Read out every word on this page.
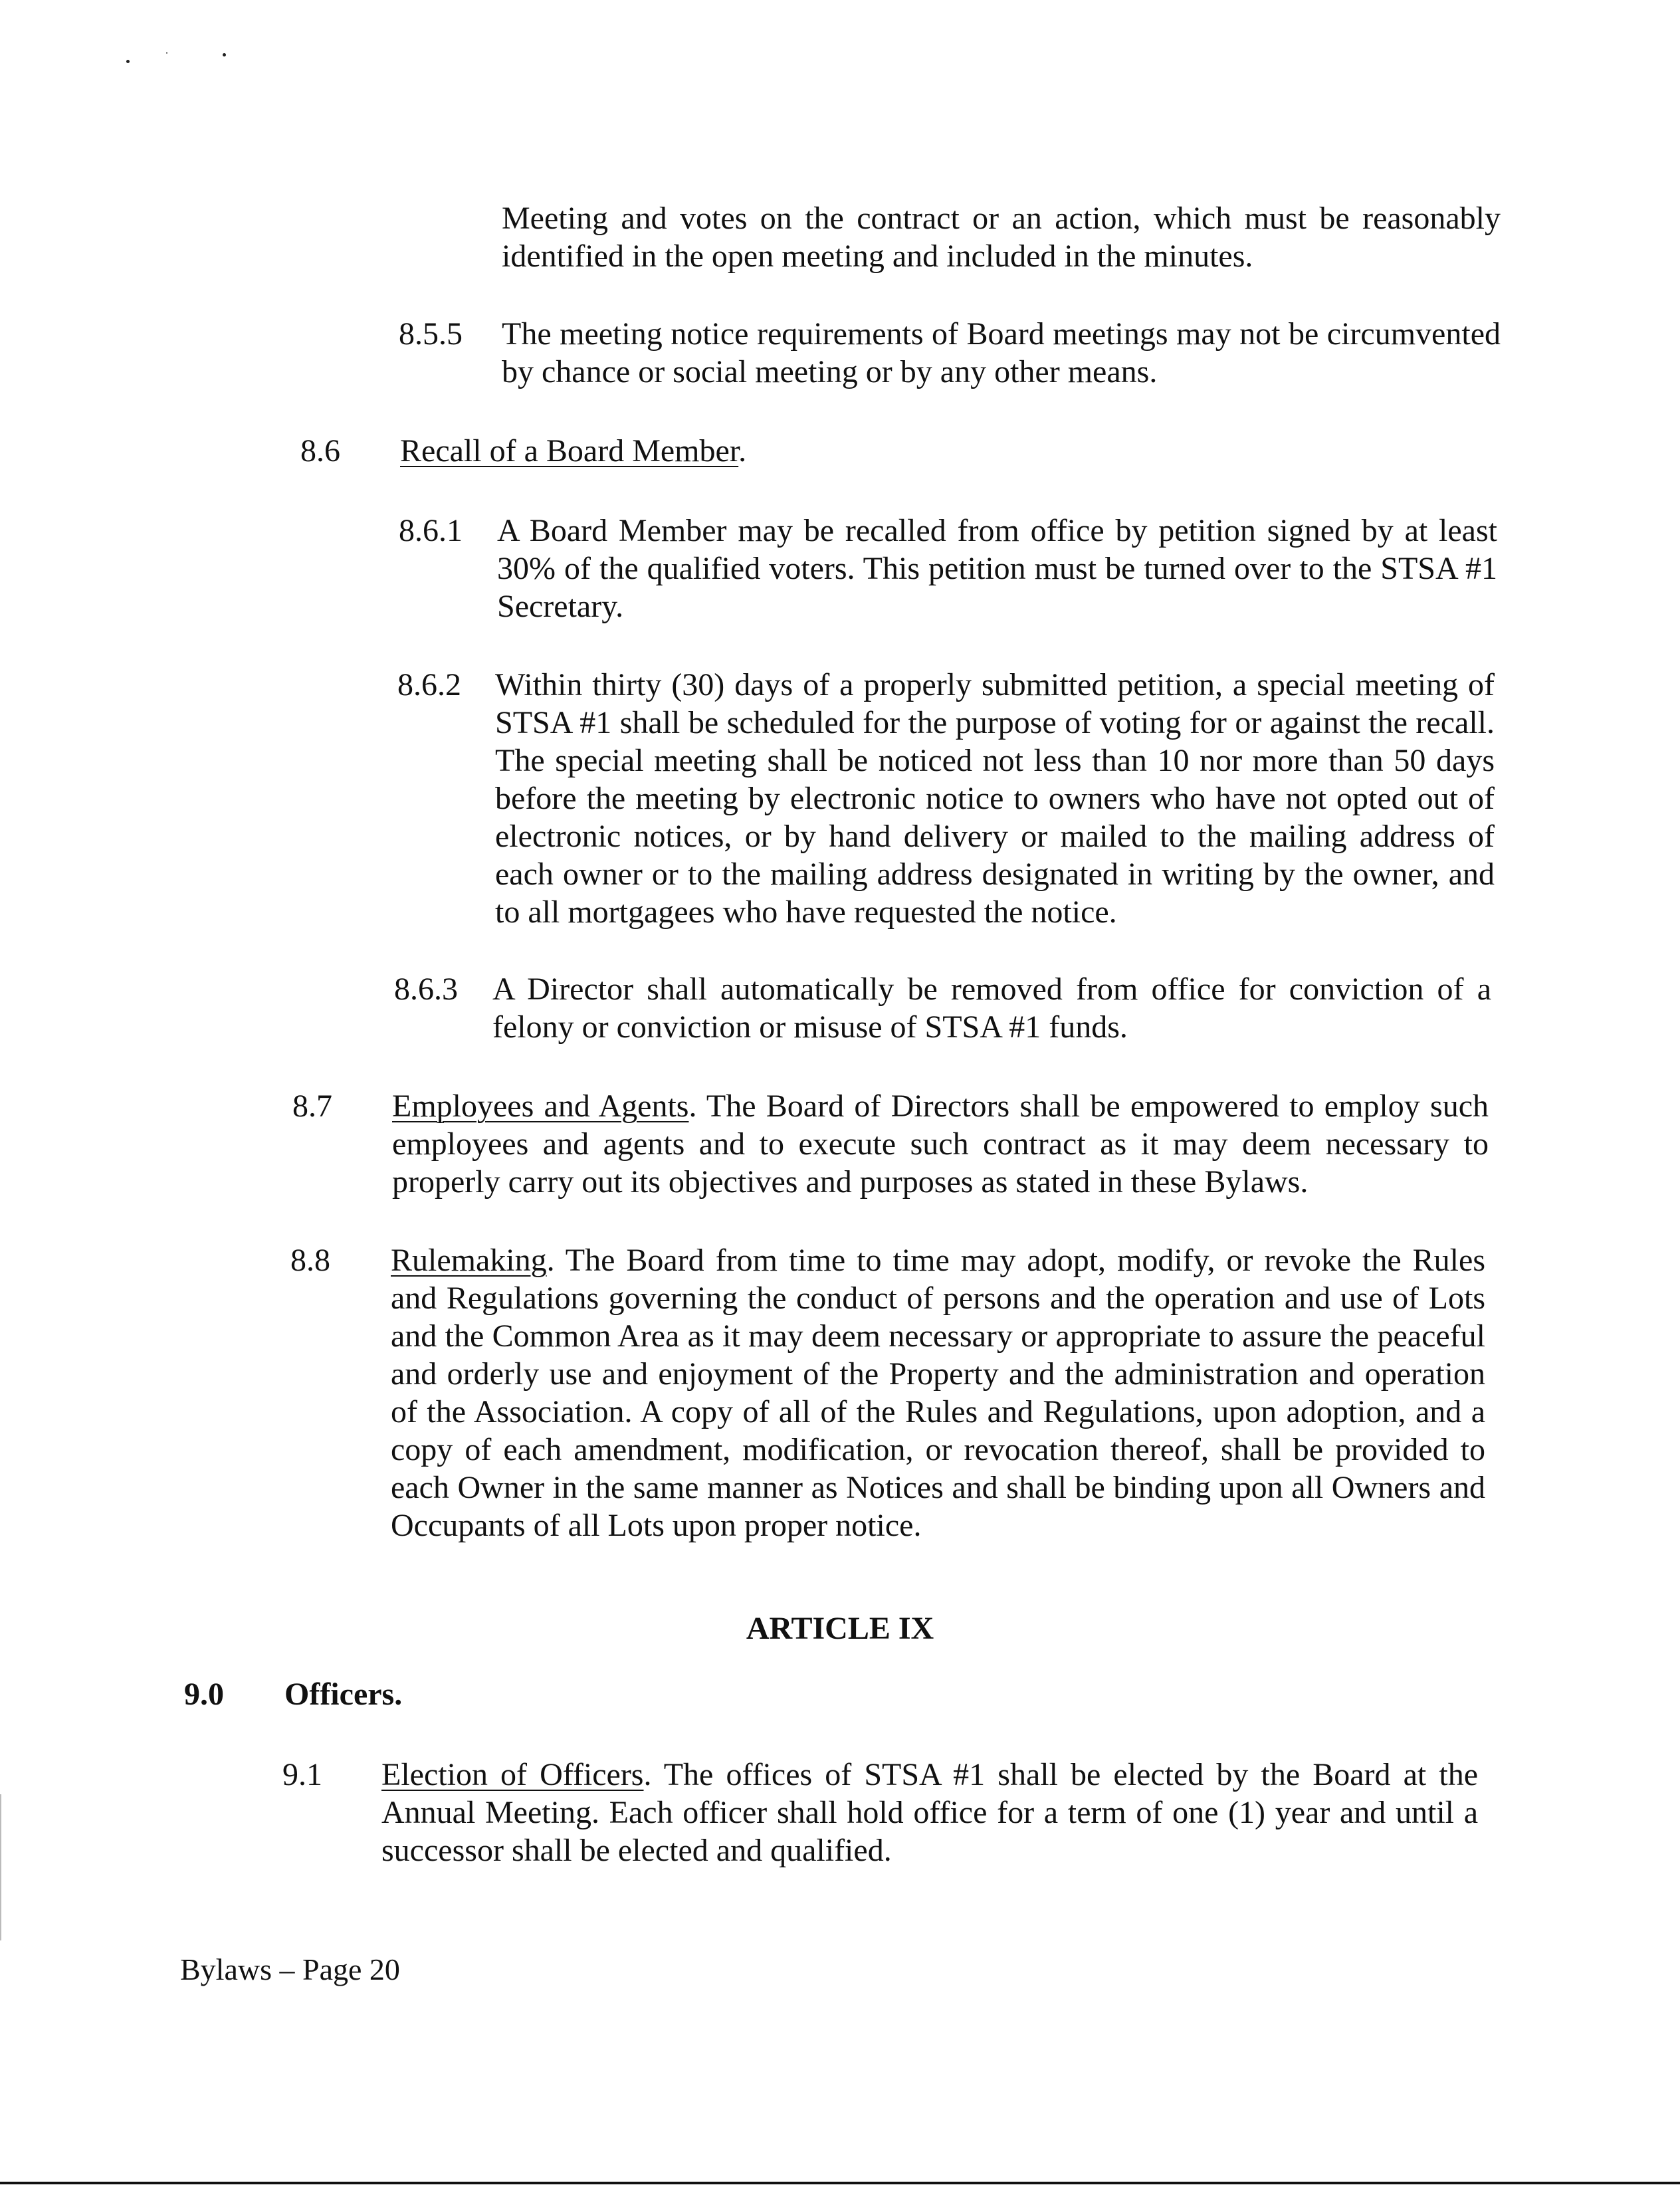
Meeting and votes on the contract or an action, which must be reasonably identified in the open meeting and included in the minutes.
8.5.5 The meeting notice requirements of Board meetings may not be circumvented by chance or social meeting or by any other means.
8.6 Recall of a Board Member.
8.6.1 A Board Member may be recalled from office by petition signed by at least 30% of the qualified voters. This petition must be turned over to the STSA #1 Secretary.
8.6.2 Within thirty (30) days of a properly submitted petition, a special meeting of STSA #1 shall be scheduled for the purpose of voting for or against the recall. The special meeting shall be noticed not less than 10 nor more than 50 days before the meeting by electronic notice to owners who have not opted out of electronic notices, or by hand delivery or mailed to the mailing address of each owner or to the mailing address designated in writing by the owner, and to all mortgagees who have requested the notice.
8.6.3 A Director shall automatically be removed from office for conviction of a felony or conviction or misuse of STSA #1 funds.
8.7 Employees and Agents. The Board of Directors shall be empowered to employ such employees and agents and to execute such contract as it may deem necessary to properly carry out its objectives and purposes as stated in these Bylaws.
8.8 Rulemaking. The Board from time to time may adopt, modify, or revoke the Rules and Regulations governing the conduct of persons and the operation and use of Lots and the Common Area as it may deem necessary or appropriate to assure the peaceful and orderly use and enjoyment of the Property and the administration and operation of the Association. A copy of all of the Rules and Regulations, upon adoption, and a copy of each amendment, modification, or revocation thereof, shall be provided to each Owner in the same manner as Notices and shall be binding upon all Owners and Occupants of all Lots upon proper notice.
ARTICLE IX
9.0 Officers.
9.1 Election of Officers. The offices of STSA #1 shall be elected by the Board at the Annual Meeting. Each officer shall hold office for a term of one (1) year and until a successor shall be elected and qualified.
Bylaws – Page 20
